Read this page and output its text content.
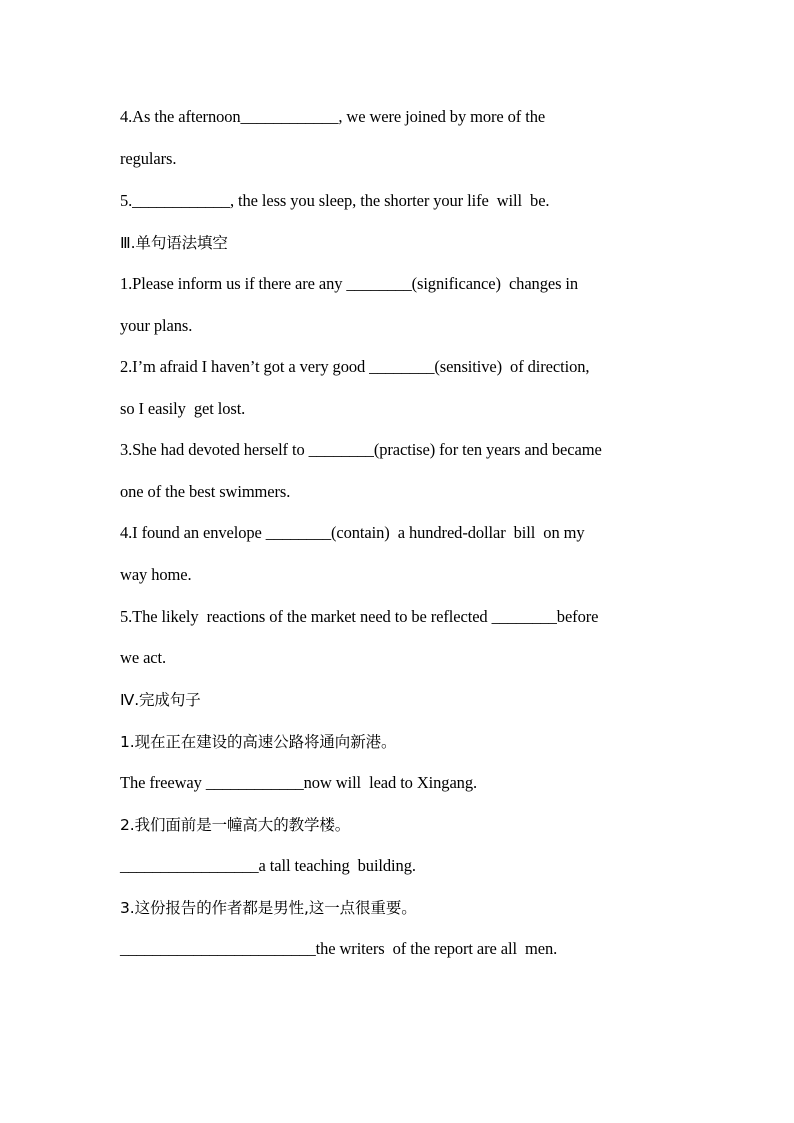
4.As the afternoon____________, we were joined by more of the
regulars.
5.____________, the less you sleep, the shorter your life  will  be.
Ⅲ.单句语法填空
1.Please inform us if there are any ________(significance)  changes in
your plans.
2.I’m afraid I haven’t got a very good ________(sensitive)  of direction,
so I easily  get lost.
3.She had devoted herself to ________(practise) for ten years and became
one of the best swimmers.
4.I found an envelope ________(contain)  a hundred-dollar  bill  on my
way home.
5.The likely  reactions of the market need to be reflected ________before
we act.
Ⅳ.完成句子
1.现在正在建设的高速公路将通向新港。
The freeway ____________now will  lead to Xingang.
2.我们面前是一幢高大的教学楼。
_________________a tall teaching  building.
3.这份报告的作者都是男性,这一点很重要。
________________________the writers  of the report are all  men.
